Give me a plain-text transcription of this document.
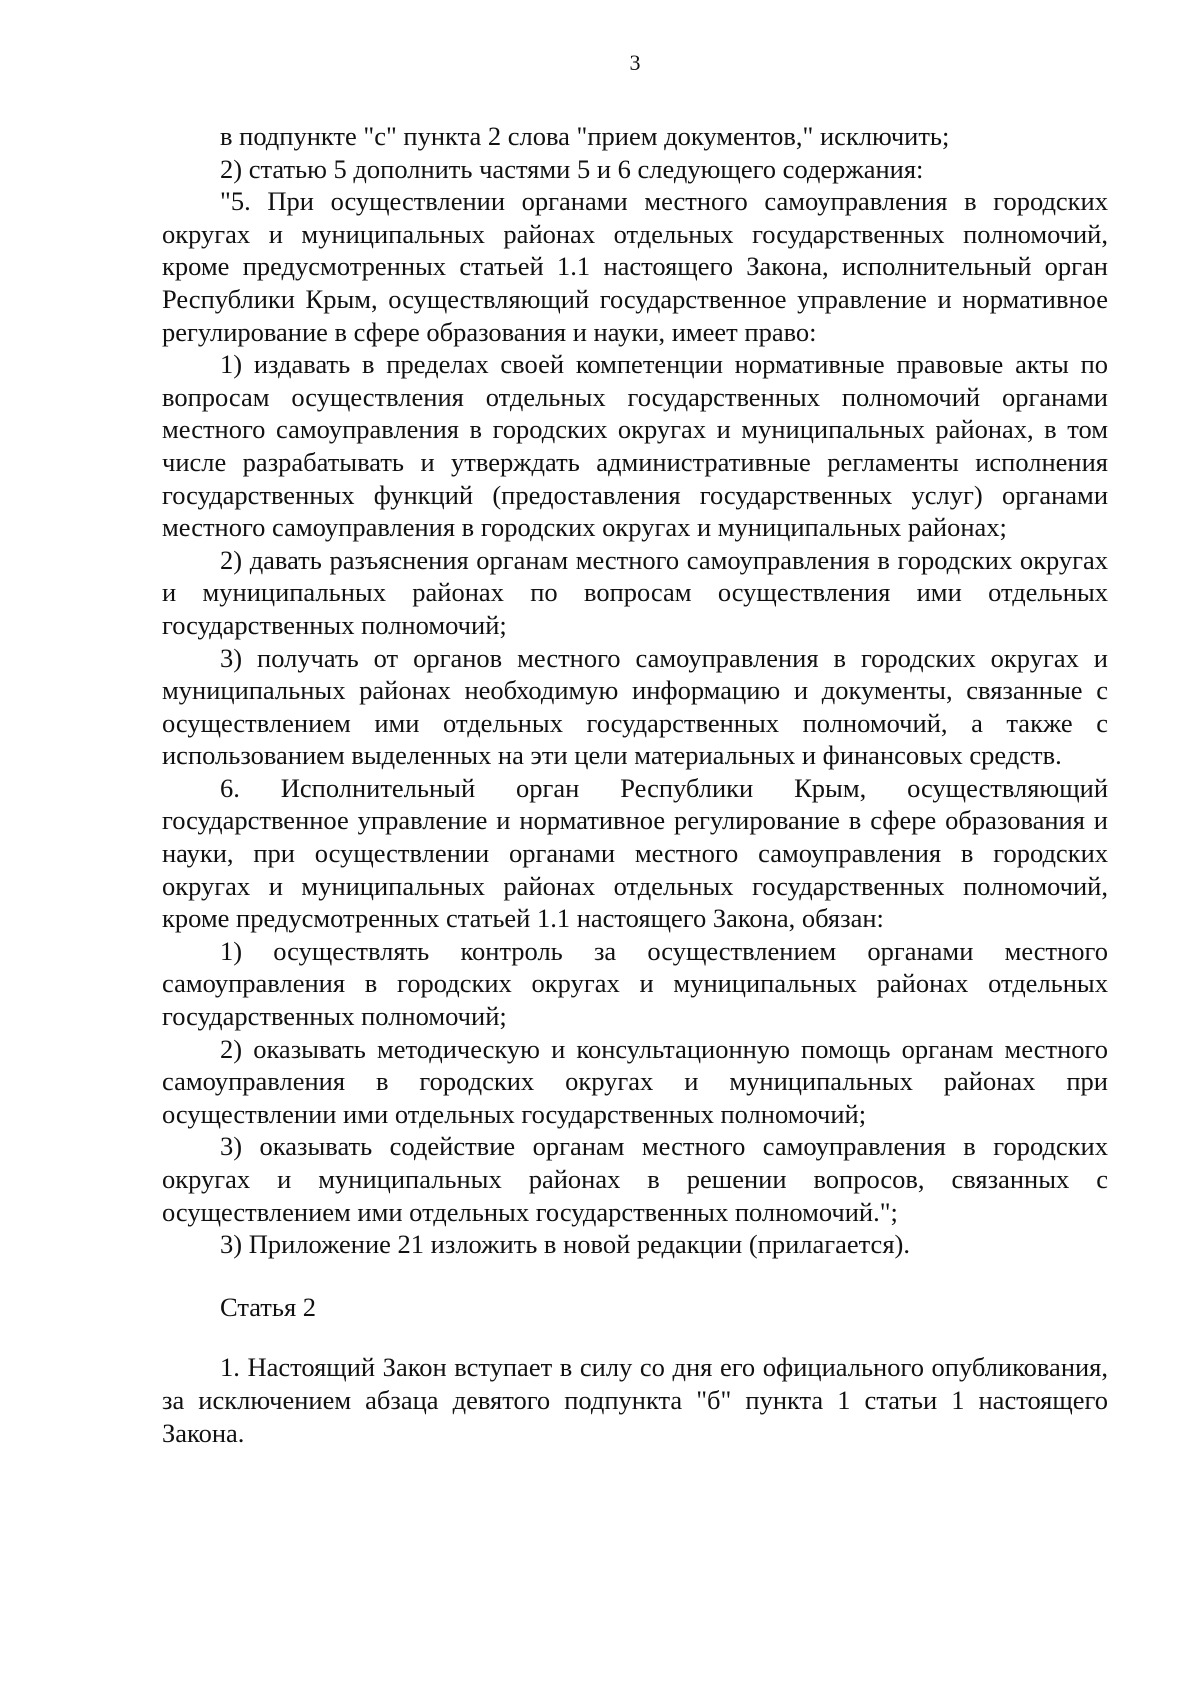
3

в подпункте "с" пункта 2 слова "прием документов," исключить;

2) статью 5 дополнить частями 5 и 6 следующего содержания:

"5. При осуществлении органами местного самоуправления в городских округах и муниципальных районах отдельных государственных полномочий, кроме предусмотренных статьей 1.1 настоящего Закона, исполнительный орган Республики Крым, осуществляющий государственное управление и нормативное регулирование в сфере образования и науки, имеет право:

1) издавать в пределах своей компетенции нормативные правовые акты по вопросам осуществления отдельных государственных полномочий органами местного самоуправления в городских округах и муниципальных районах, в том числе разрабатывать и утверждать административные регламенты исполнения государственных функций (предоставления государственных услуг) органами местного самоуправления в городских округах и муниципальных районах;

2) давать разъяснения органам местного самоуправления в городских округах и муниципальных районах по вопросам осуществления ими отдельных государственных полномочий;

3) получать от органов местного самоуправления в городских округах и муниципальных районах необходимую информацию и документы, связанные с осуществлением ими отдельных государственных полномочий, а также с использованием выделенных на эти цели материальных и финансовых средств.

6. Исполнительный орган Республики Крым, осуществляющий государственное управление и нормативное регулирование в сфере образования и науки, при осуществлении органами местного самоуправления в городских округах и муниципальных районах отдельных государственных полномочий, кроме предусмотренных статьей 1.1 настоящего Закона, обязан:

1) осуществлять контроль за осуществлением органами местного самоуправления в городских округах и муниципальных районах отдельных государственных полномочий;

2) оказывать методическую и консультационную помощь органам местного самоуправления в городских округах и муниципальных районах при осуществлении ими отдельных государственных полномочий;

3) оказывать содействие органам местного самоуправления в городских округах и муниципальных районах в решении вопросов, связанных с осуществлением ими отдельных государственных полномочий.";

3) Приложение 21 изложить в новой редакции (прилагается).

Статья 2

1. Настоящий Закон вступает в силу со дня его официального опубликования, за исключением абзаца девятого подпункта "б" пункта 1 статьи 1 настоящего Закона.
